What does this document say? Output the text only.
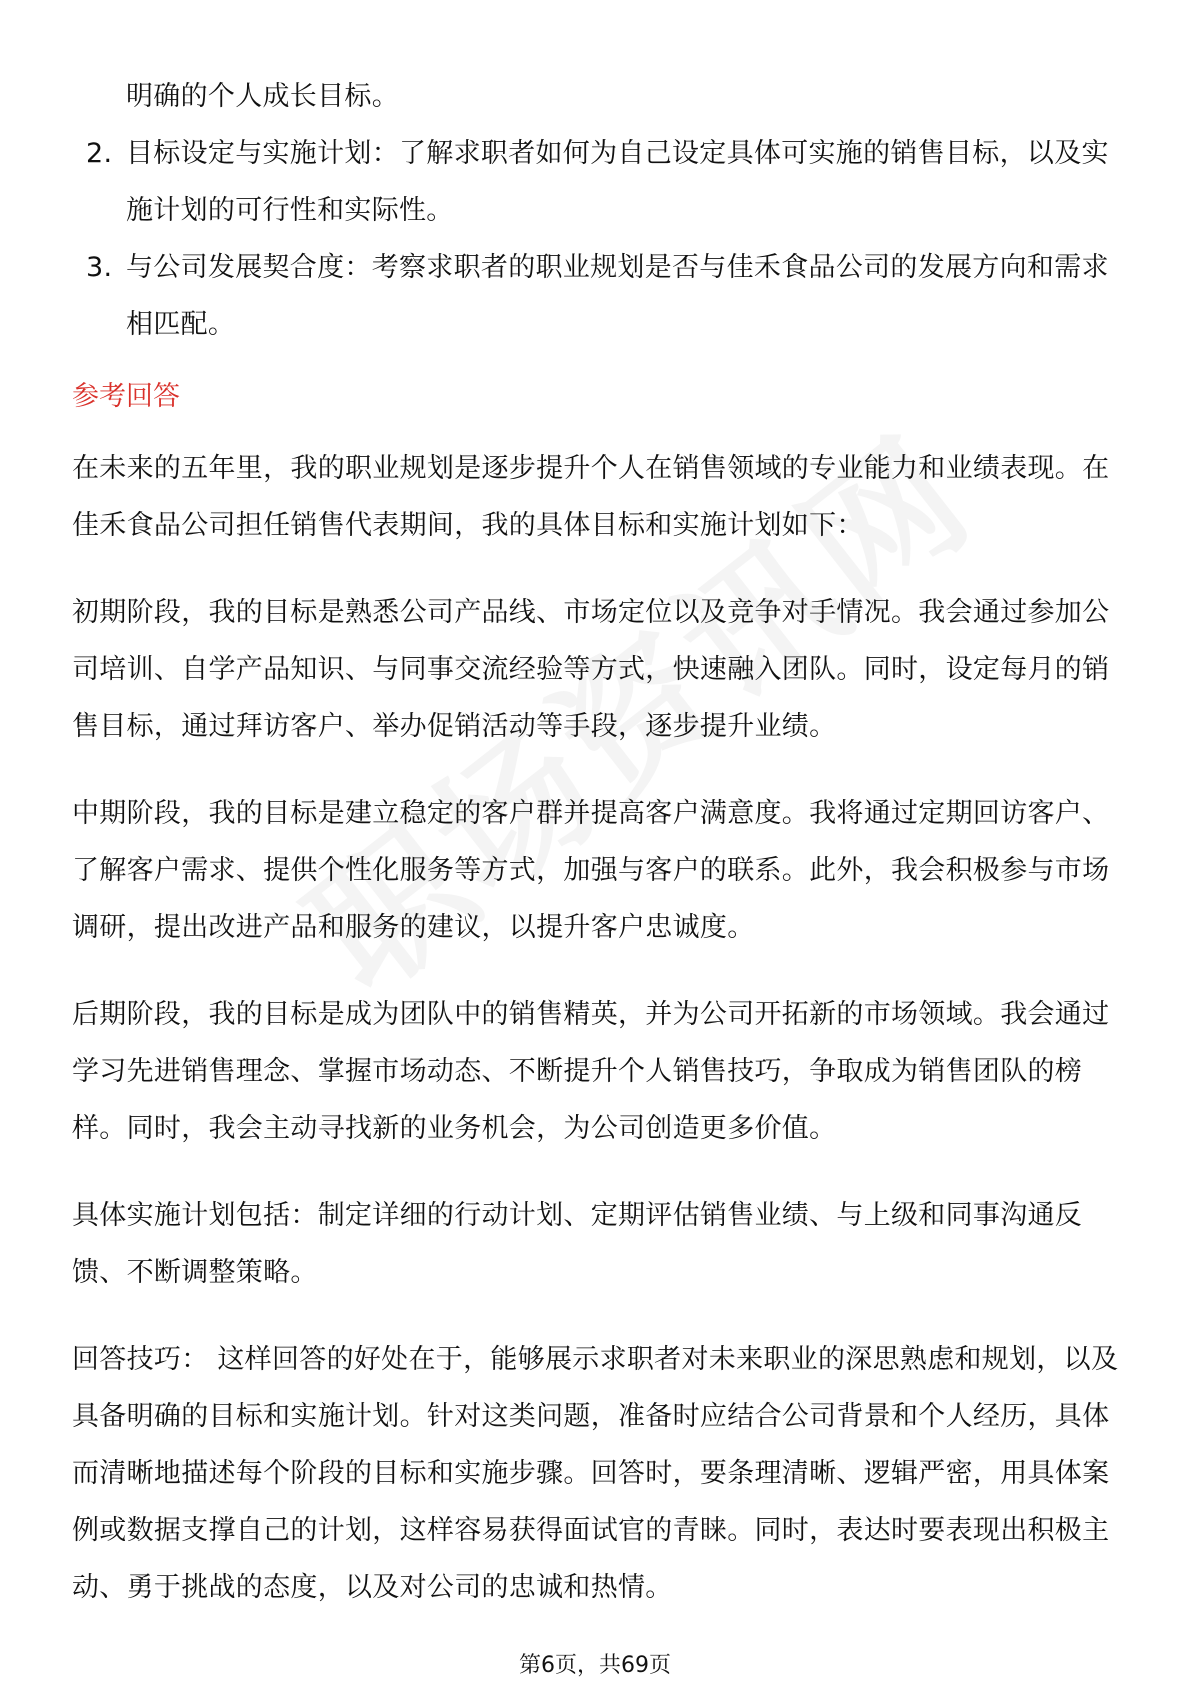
明确的个人成长目标。
2. 目标设定与实施计划：了解求职者如何为自己设定具体可实施的销售目标，以及实施计划的可行性和实际性。
3. 与公司发展契合度：考察求职者的职业规划是否与佳禾食品公司的发展方向和需求相匹配。
参考回答
在未来的五年里，我的职业规划是逐步提升个人在销售领域的专业能力和业绩表现。在佳禾食品公司担任销售代表期间，我的具体目标和实施计划如下：
初期阶段，我的目标是熟悉公司产品线、市场定位以及竞争对手情况。我会通过参加公司培训、自学产品知识、与同事交流经验等方式，快速融入团队。同时，设定每月的销售目标，通过拜访客户、举办促销活动等手段，逐步提升业绩。
中期阶段，我的目标是建立稳定的客户群并提高客户满意度。我将通过定期回访客户、了解客户需求、提供个性化服务等方式，加强与客户的联系。此外，我会积极参与市场调研，提出改进产品和服务的建议，以提升客户忠诚度。
后期阶段，我的目标是成为团队中的销售精英，并为公司开拓新的市场领域。我会通过学习先进销售理念、掌握市场动态、不断提升个人销售技巧，争取成为销售团队的榜样。同时，我会主动寻找新的业务机会，为公司创造更多价值。
具体实施计划包括：制定详细的行动计划、定期评估销售业绩、与上级和同事沟通反馈、不断调整策略。
回答技巧： 这样回答的好处在于，能够展示求职者对未来职业的深思熟虑和规划，以及具备明确的目标和实施计划。针对这类问题，准备时应结合公司背景和个人经历，具体而清晰地描述每个阶段的目标和实施步骤。回答时，要条理清晰、逻辑严密，用具体案例或数据支撑自己的计划，这样容易获得面试官的青睐。同时，表达时要表现出积极主动、勇于挑战的态度，以及对公司的忠诚和热情。
第6页，共69页
